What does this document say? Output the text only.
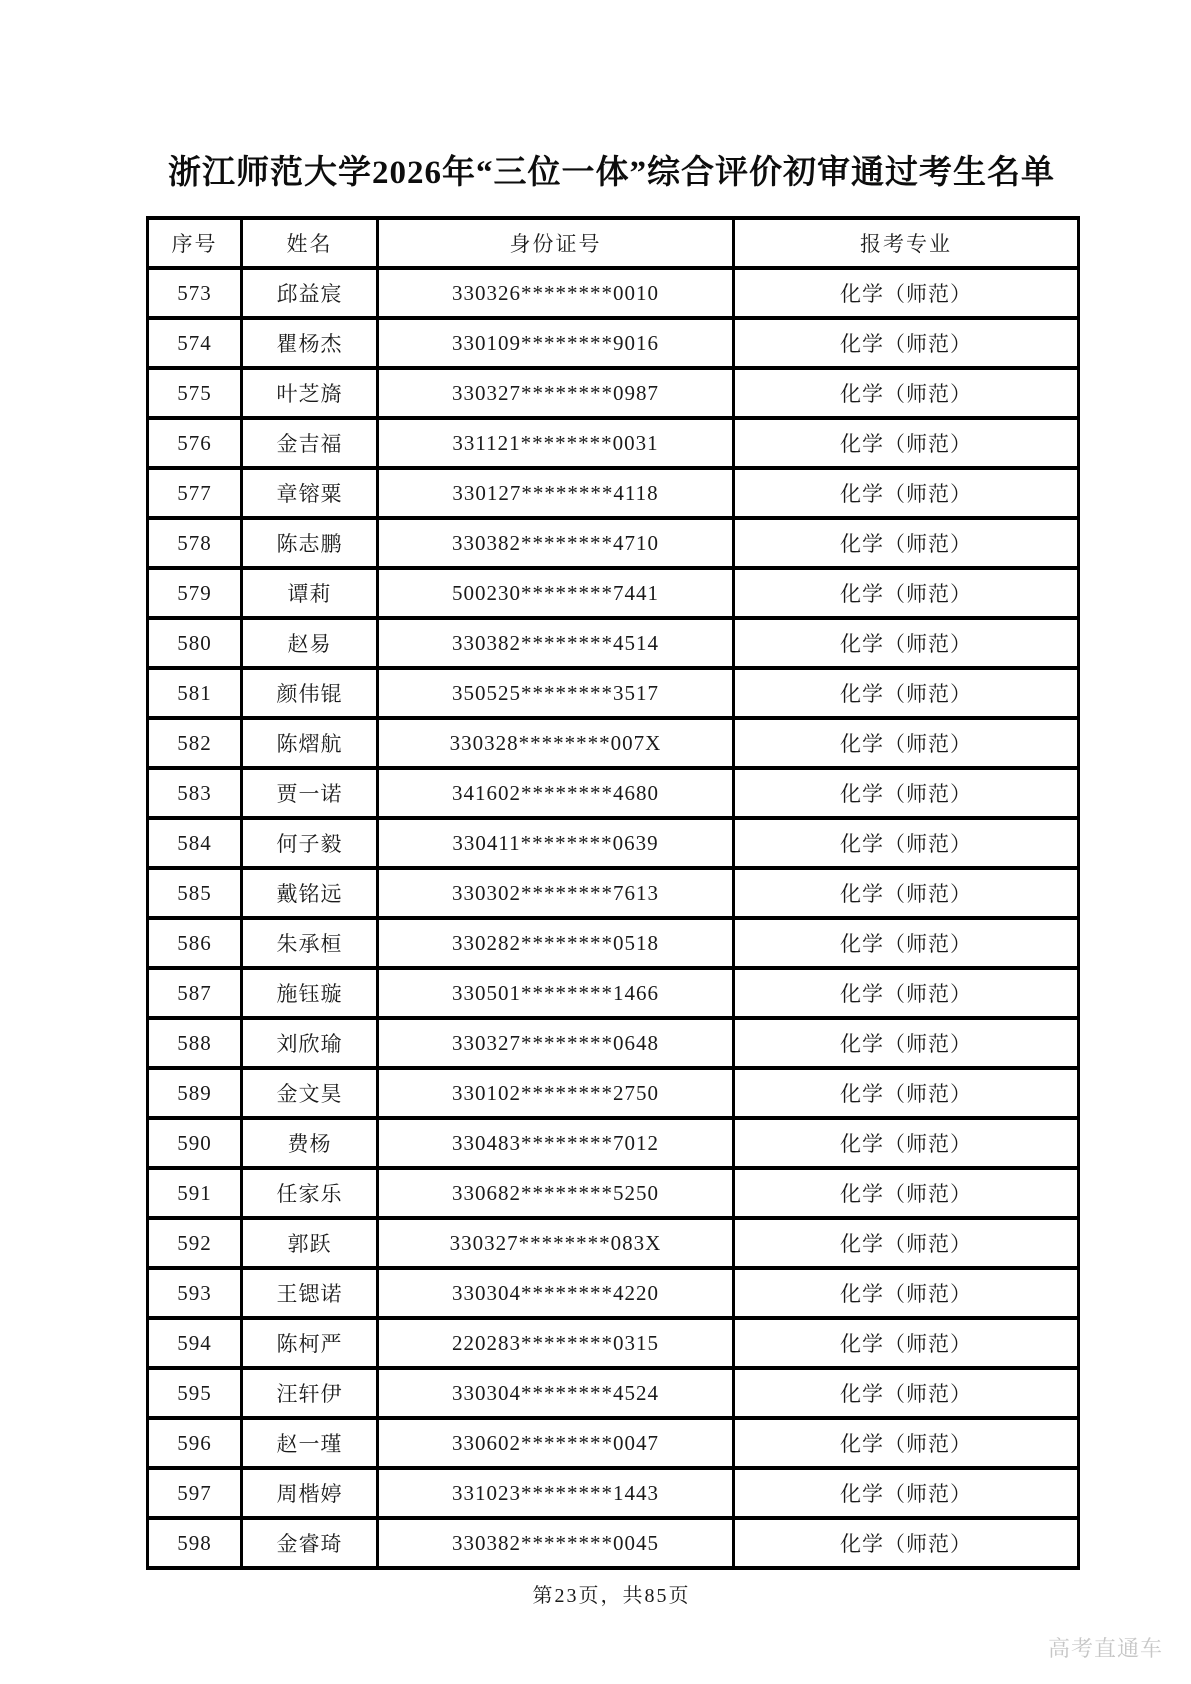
浙江师范大学2026年“三位一体”综合评价初审通过考生名单
序号	姓名	身份证号	报考专业
573	邱益宸	330326********0010	化学（师范）
574	瞿杨杰	330109********9016	化学（师范）
575	叶芝旖	330327********0987	化学（师范）
576	金吉福	331121********0031	化学（师范）
577	章镕粟	330127********4118	化学（师范）
578	陈志鹏	330382********4710	化学（师范）
579	谭莉	500230********7441	化学（师范）
580	赵易	330382********4514	化学（师范）
581	颜伟锟	350525********3517	化学（师范）
582	陈熠航	330328********007X	化学（师范）
583	贾一诺	341602********4680	化学（师范）
584	何子毅	330411********0639	化学（师范）
585	戴铭远	330302********7613	化学（师范）
586	朱承桓	330282********0518	化学（师范）
587	施钰璇	330501********1466	化学（师范）
588	刘欣瑜	330327********0648	化学（师范）
589	金文昊	330102********2750	化学（师范）
590	费杨	330483********7012	化学（师范）
591	任家乐	330682********5250	化学（师范）
592	郭跃	330327********083X	化学（师范）
593	王锶诺	330304********4220	化学（师范）
594	陈柯严	220283********0315	化学（师范）
595	汪轩伊	330304********4524	化学（师范）
596	赵一瑾	330602********0047	化学（师范）
597	周楷婷	331023********1443	化学（师范）
598	金睿琦	330382********0045	化学（师范）
第23页，共85页
高考直通车
